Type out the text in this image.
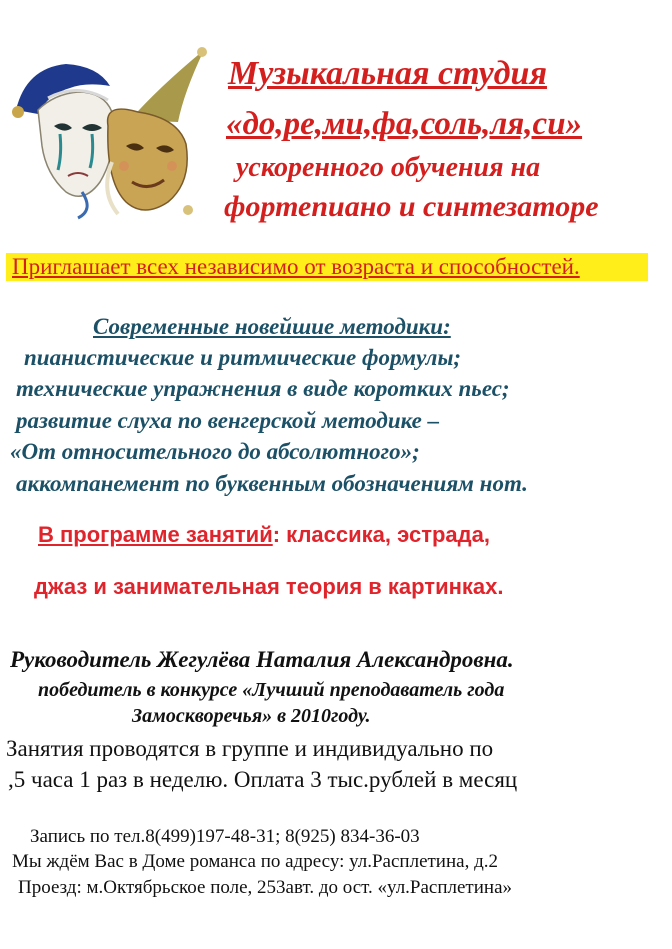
Музыкальная студия
«до,ре,ми,фа,соль,ля,си»
ускоренного обучения на
фортепиано и синтезаторе
Приглашает всех независимо от возраста и способностей.
Современные новейшие методики:
пианистические и ритмические формулы;
технические упражнения в виде коротких пьес;
развитие слуха по венгерской методике –
«От относительного до абсолютного»;
аккомпанемент по буквенным обозначениям нот.
В программе занятий: классика, эстрада,
джаз и занимательная теория в картинках.
Руководитель Жегулёва Наталия Александровна.
победитель в конкурсе «Лучший преподаватель года
Замоскворечья» в 2010году.
Занятия проводятся в группе и индивидуально по
,5 часа 1 раз в неделю. Оплата 3 тыс.рублей в месяц
Запись по тел.8(499)197-48-31; 8(925) 834-36-03
Мы ждём Вас в Доме романса по адресу: ул.Расплетина, д.2
Проезд: м.Октябрьское поле, 253авт. до ост. «ул.Расплетина»
